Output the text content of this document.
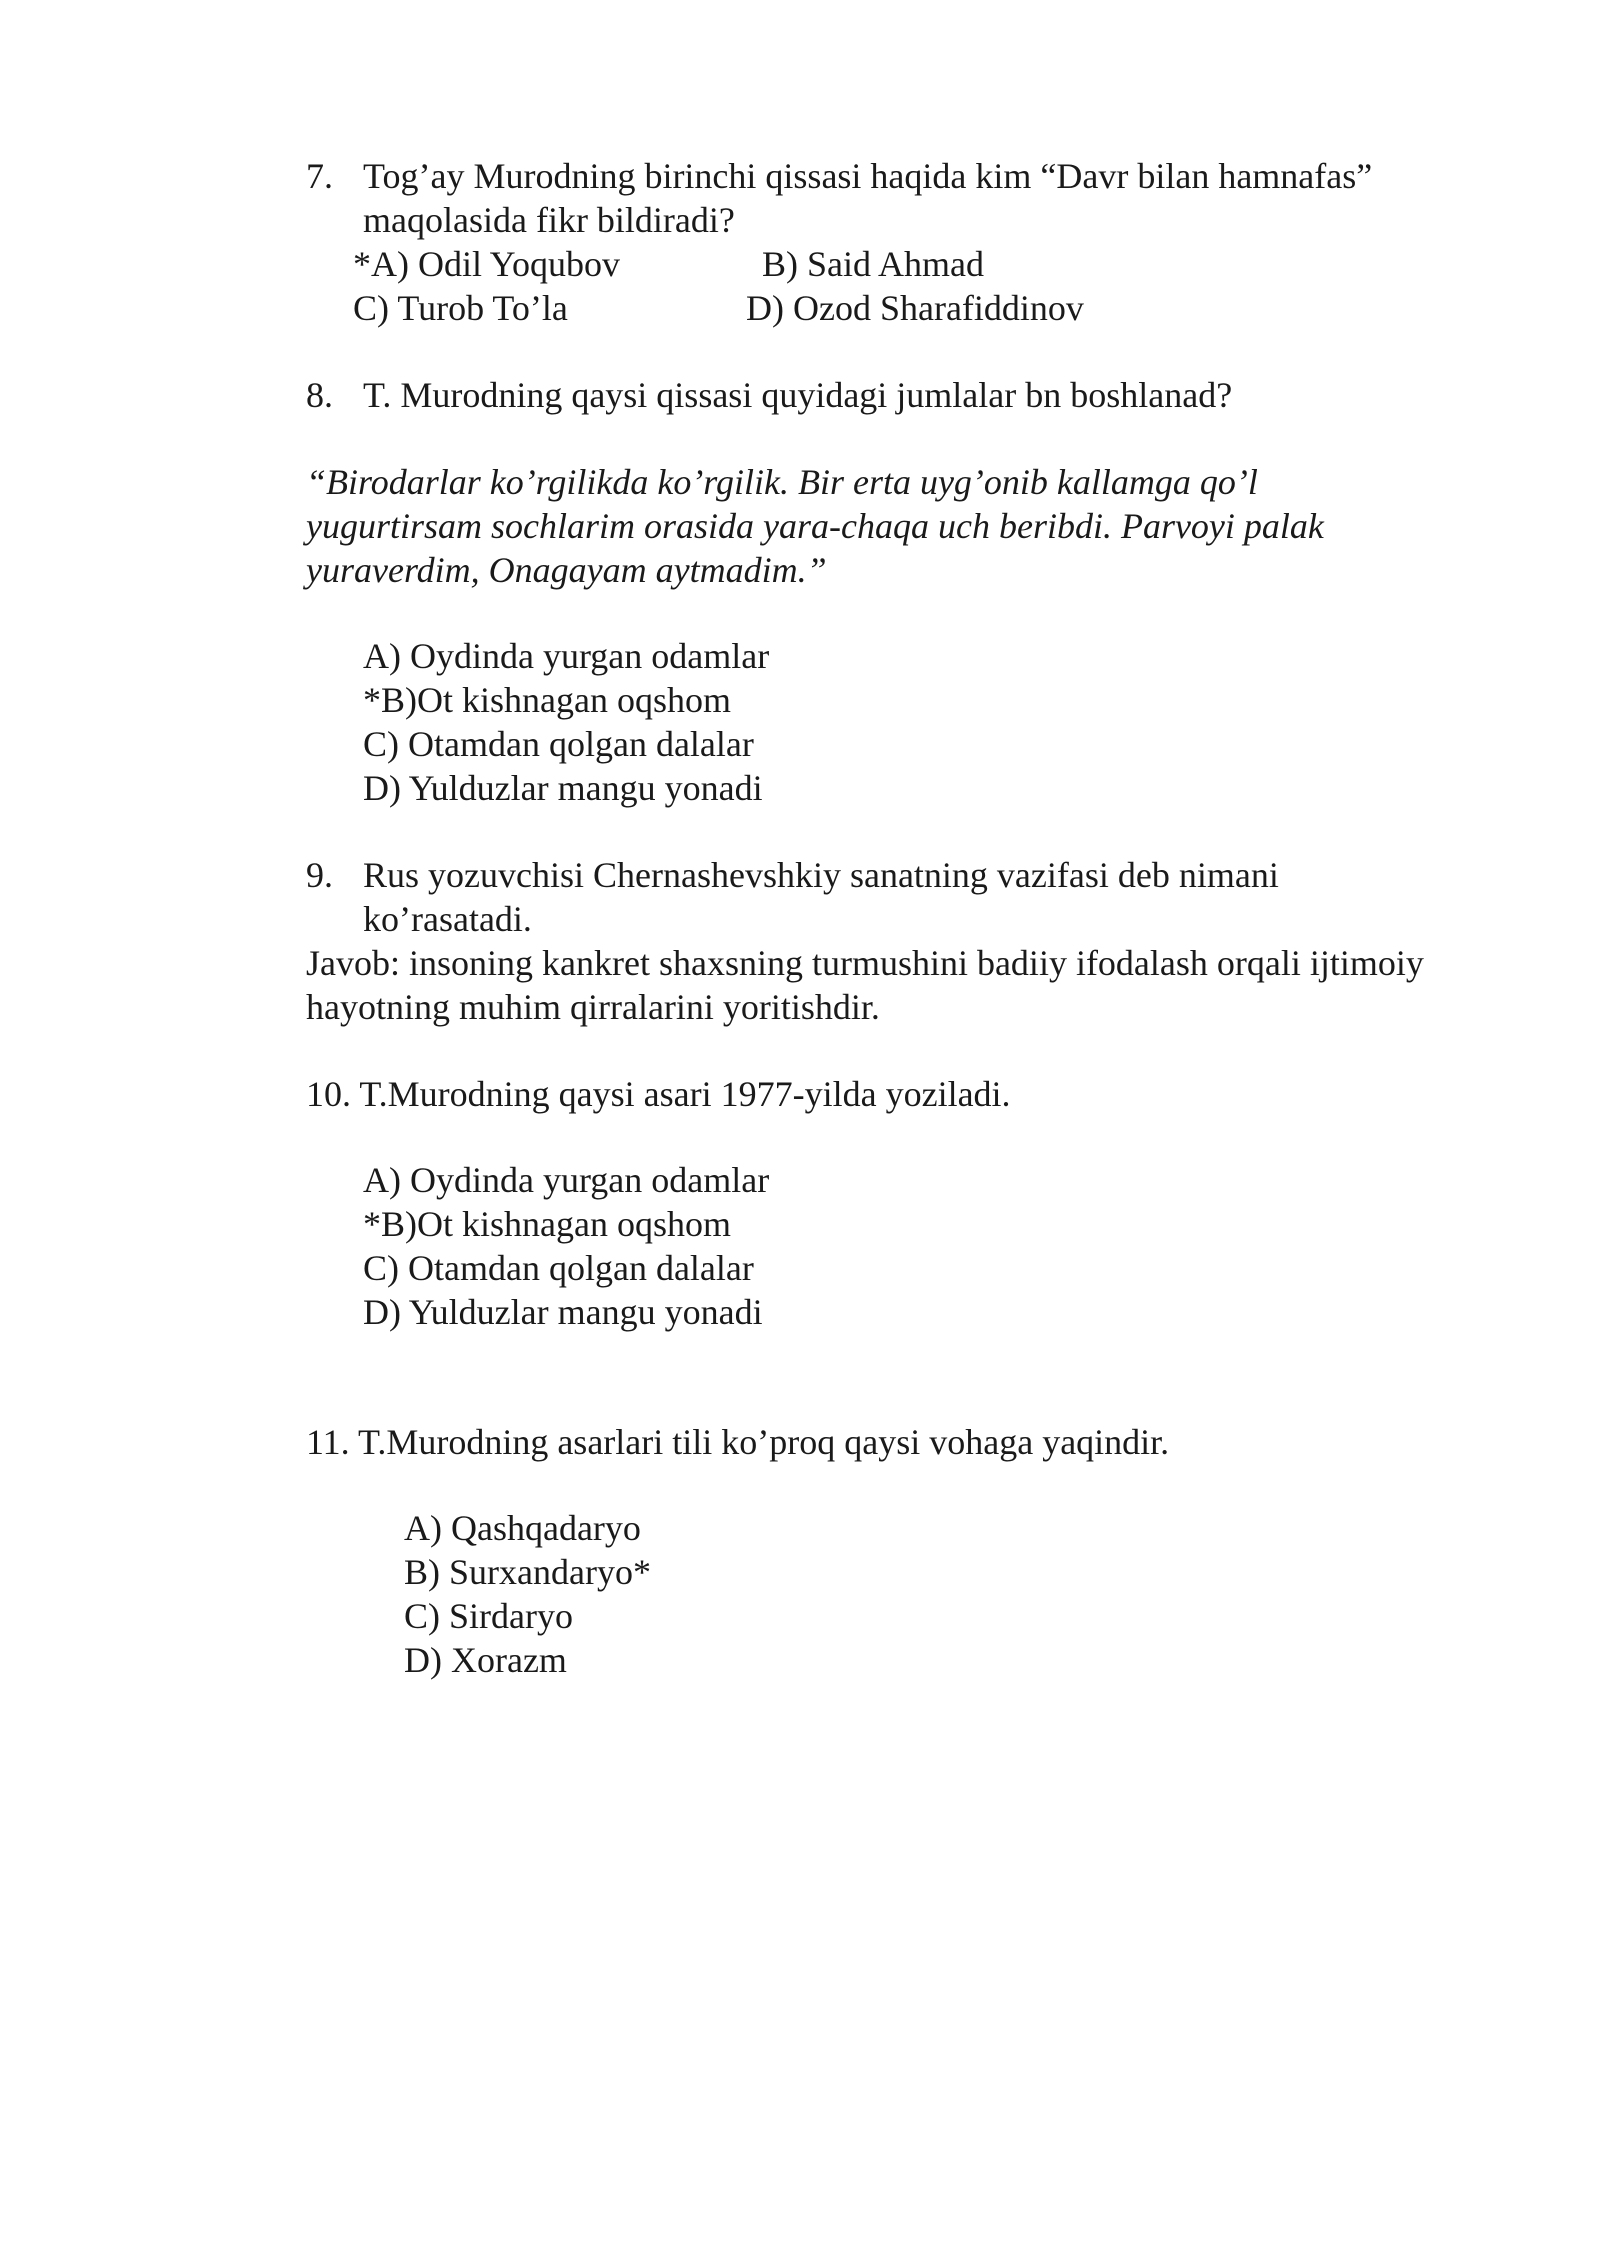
7. Tog’ay Murodning birinchi qissasi haqida kim “Davr bilan hamnafas”
maqolasida fikr bildiradi?
*A) Odil Yoqubov	B) Said Ahmad
C) Turob To’la	D) Ozod Sharafiddinov
8. T. Murodning qaysi qissasi quyidagi jumlalar bn boshlanad?
“Birodarlar ko’rgilikda ko’rgilik. Bir erta uyg’onib kallamga qo’l
yugurtirsam sochlarim orasida yara-chaqa uch beribdi. Parvoyi palak
yuraverdim, Onagayam aytmadim.”
A) Oydinda yurgan odamlar
*B)Ot kishnagan oqshom
C) Otamdan qolgan dalalar
D) Yulduzlar mangu yonadi
9. Rus yozuvchisi Chernashevshkiy sanatning vazifasi deb nimani
ko’rasatadi.
Javob: insoning kankret shaxsning turmushini badiiy ifodalash orqali ijtimoiy
hayotning muhim qirralarini yoritishdir.
10. T.Murodning qaysi asari 1977-yilda yoziladi.
A) Oydinda yurgan odamlar
*B)Ot kishnagan oqshom
C) Otamdan qolgan dalalar
D) Yulduzlar mangu yonadi
11. T.Murodning asarlari tili ko’proq qaysi vohaga yaqindir.
A) Qashqadaryo
B) Surxandaryo*
C) Sirdaryo
D) Xorazm
